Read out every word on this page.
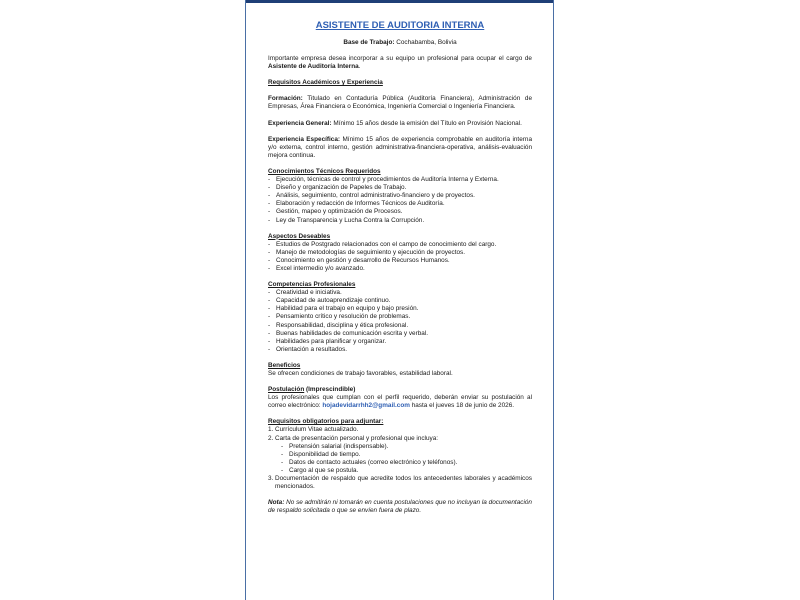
ASISTENTE DE AUDITORIA INTERNA

Base de Trabajo: Cochabamba, Bolivia

Importante empresa desea incorporar a su equipo un profesional para ocupar el cargo de Asistente de Auditoría Interna.

Requisitos Académicos y Experiencia

Formación: Titulado en Contaduría Pública (Auditoría Financiera), Administración de Empresas, Área Financiera o Económica, Ingeniería Comercial o Ingeniería Financiera.

Experiencia General: Mínimo 15 años desde la emisión del Título en Provisión Nacional.

Experiencia Específica: Mínimo 15 años de experiencia comprobable en auditoría interna y/o externa, control interno, gestión administrativa-financiera-operativa, análisis-evaluación mejora continua.

Conocimientos Técnicos Requeridos

- Ejecución, técnicas de control y procedimientos de Auditoría Interna y Externa.
- Diseño y organización de Papeles de Trabajo.
- Análisis, seguimiento, control administrativo-financiero y de proyectos.
- Elaboración y redacción de Informes Técnicos de Auditoría.
- Gestión, mapeo y optimización de Procesos.
- Ley de Transparencia y Lucha Contra la Corrupción.

Aspectos Deseables

- Estudios de Postgrado relacionados con el campo de conocimiento del cargo.
- Manejo de metodologías de seguimiento y ejecución de proyectos.
- Conocimiento en gestión y desarrollo de Recursos Humanos.
- Excel intermedio y/o avanzado.

Competencias Profesionales

- Creatividad e iniciativa.
- Capacidad de autoaprendizaje continuo.
- Habilidad para el trabajo en equipo y bajo presión.
- Pensamiento crítico y resolución de problemas.
- Responsabilidad, disciplina y ética profesional.
- Buenas habilidades de comunicación escrita y verbal.
- Habilidades para planificar y organizar.
- Orientación a resultados.

Beneficios

Se ofrecen condiciones de trabajo favorables, estabilidad laboral.

Postulación (Imprescindible)

Los profesionales que cumplan con el perfil requerido, deberán enviar su postulación al correo electrónico: hojadevidarrhh2@gmail.com hasta el jueves 18 de junio de 2026.

Requisitos obligatorios para adjuntar:

1. Currículum Vitae actualizado.
2. Carta de presentación personal y profesional que incluya:
- Pretensión salarial (indispensable).
- Disponibilidad de tiempo.
- Datos de contacto actuales (correo electrónico y teléfonos).
- Cargo al que se postula.
3. Documentación de respaldo que acredite todos los antecedentes laborales y académicos mencionados.

Nota: No se admitirán ni tomarán en cuenta postulaciones que no incluyan la documentación de respaldo solicitada o que se envíen fuera de plazo.
